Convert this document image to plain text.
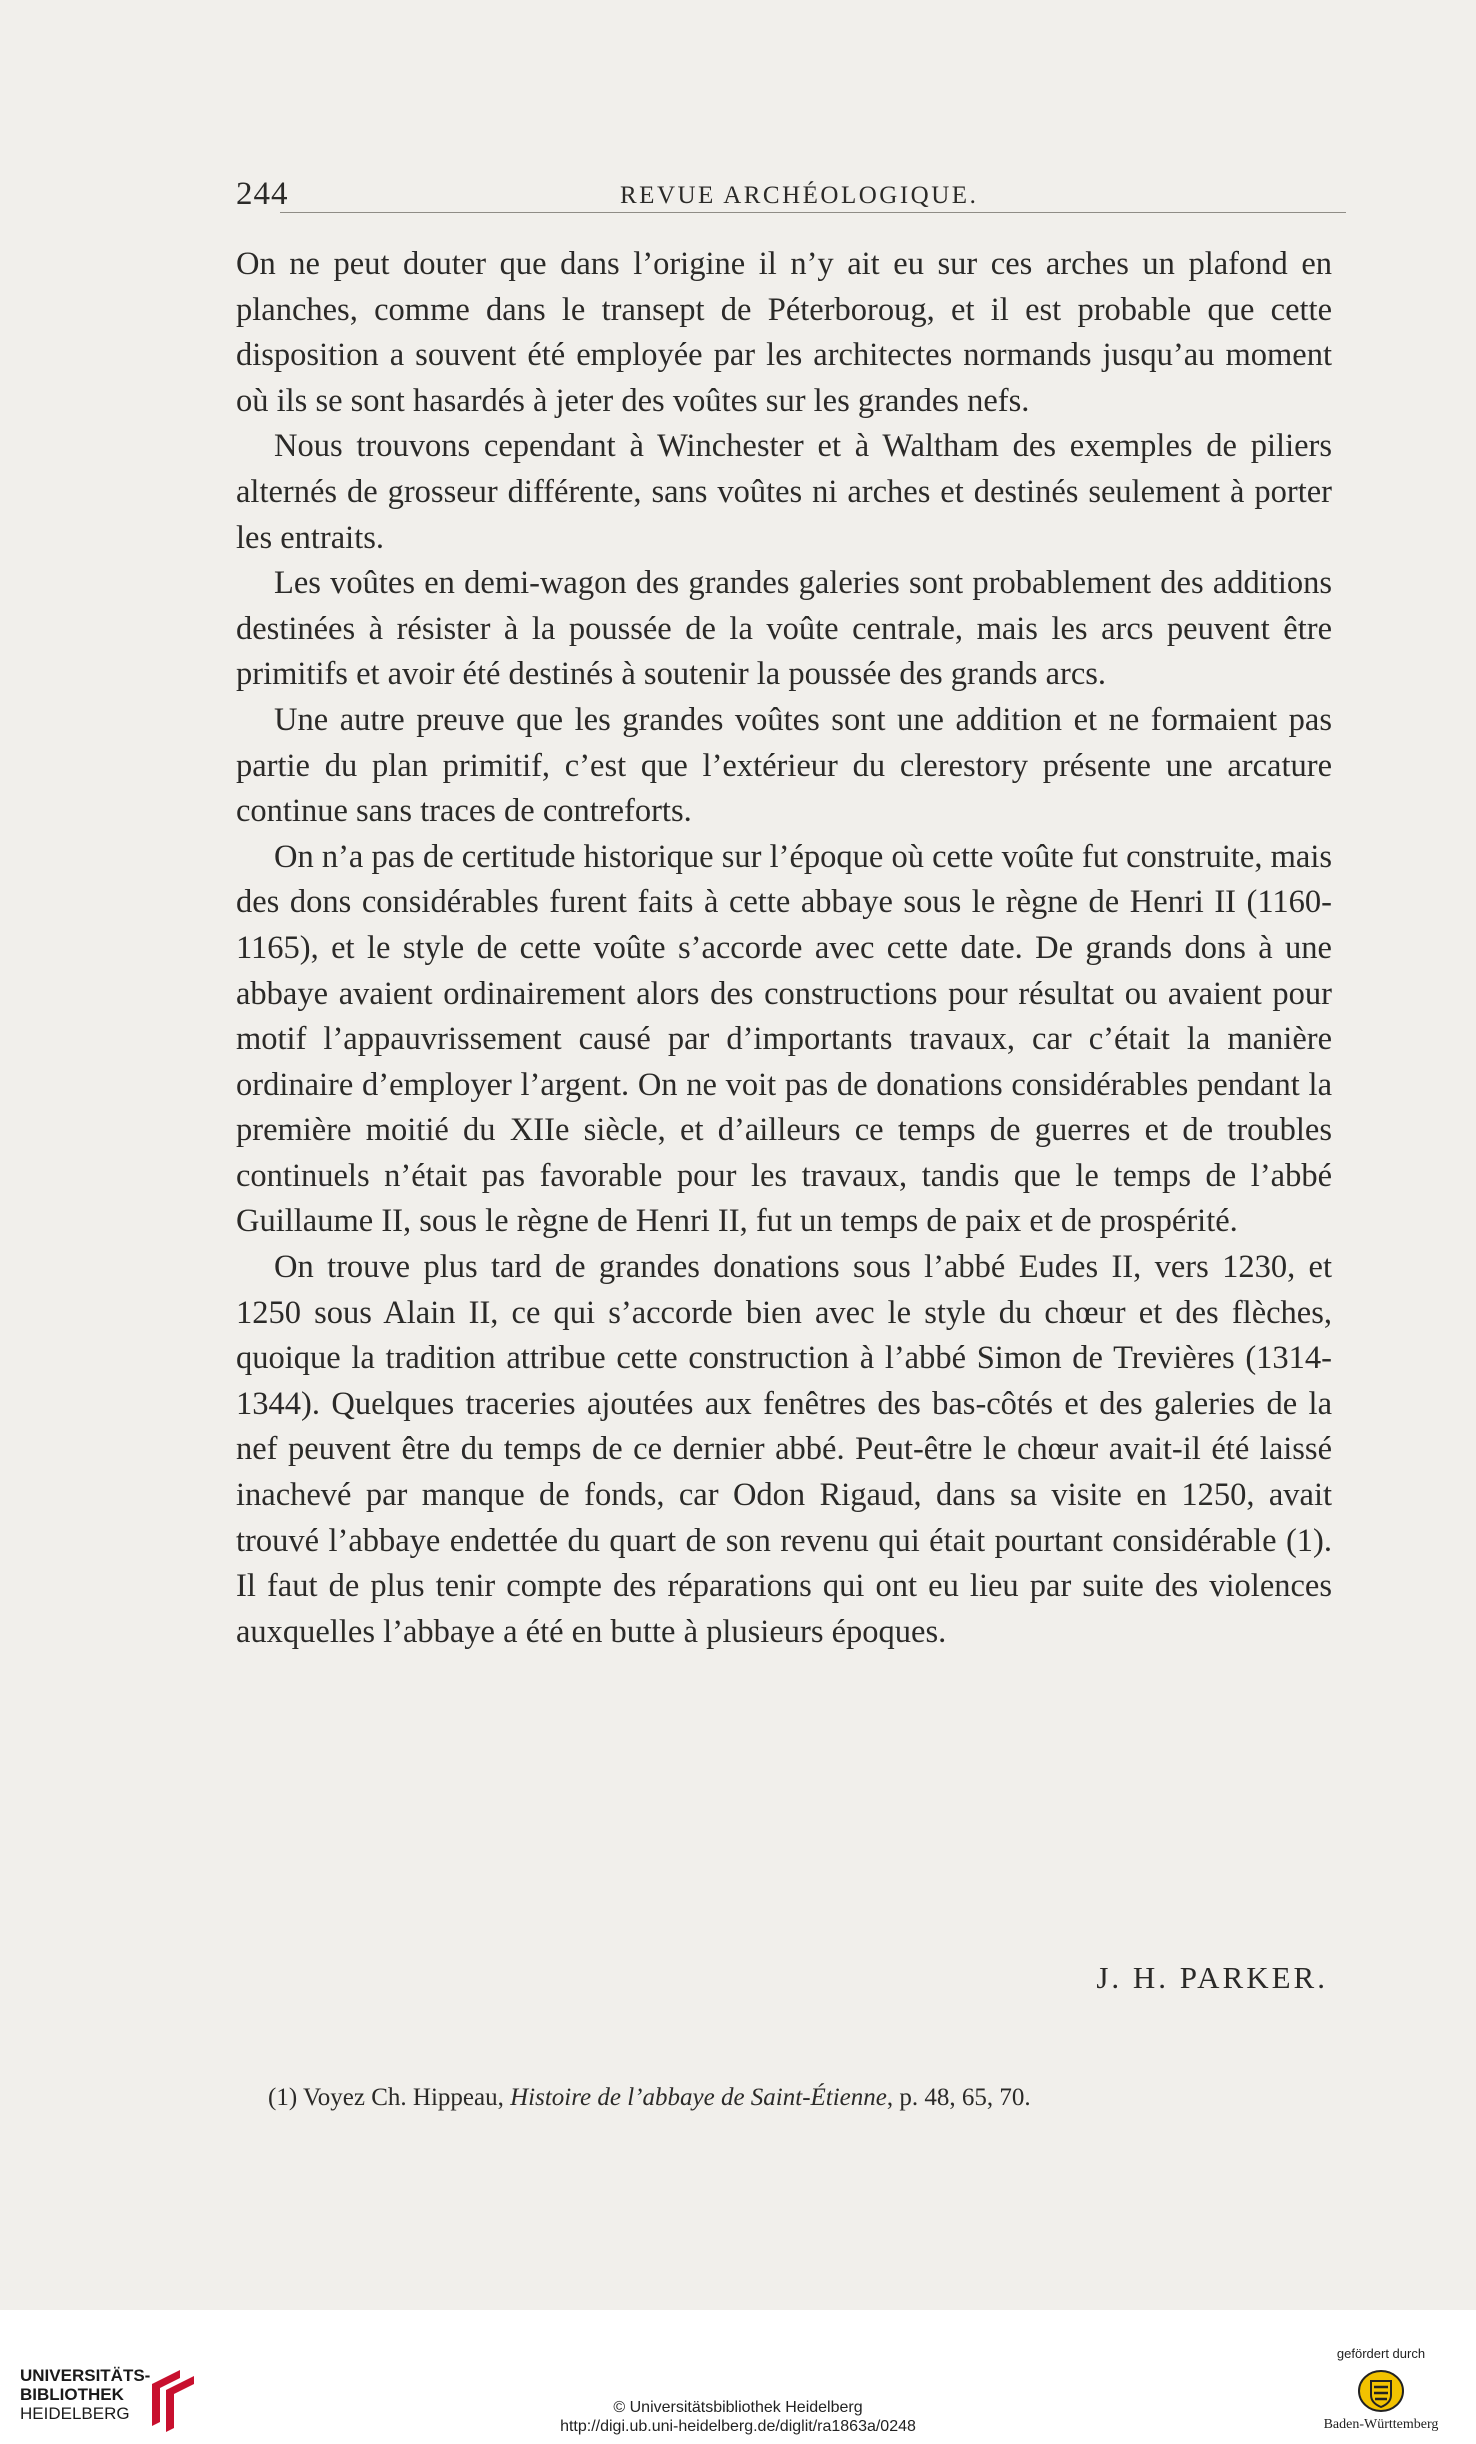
244	REVUE ARCHÉOLOGIQUE.

On ne peut douter que dans l’origine il n’y ait eu sur ces arches un plafond en planches, comme dans le transept de Péterboroug, et il est probable que cette disposition a souvent été employée par les architectes normands jusqu’au moment où ils se sont hasardés à jeter des voûtes sur les grandes nefs.

Nous trouvons cependant à Winchester et à Waltham des exemples de piliers alternés de grosseur différente, sans voûtes ni arches et destinés seulement à porter les entraits.

Les voûtes en demi-wagon des grandes galeries sont probablement des additions destinées à résister à la poussée de la voûte centrale, mais les arcs peuvent être primitifs et avoir été destinés à soutenir la poussée des grands arcs.

Une autre preuve que les grandes voûtes sont une addition et ne formaient pas partie du plan primitif, c’est que l’extérieur du clerestory présente une arcature continue sans traces de contreforts.

On n’a pas de certitude historique sur l’époque où cette voûte fut construite, mais des dons considérables furent faits à cette abbaye sous le règne de Henri II (1160-1165), et le style de cette voûte s’accorde avec cette date. De grands dons à une abbaye avaient ordinairement alors des constructions pour résultat ou avaient pour motif l’appauvrissement causé par d’importants travaux, car c’était la manière ordinaire d’employer l’argent. On ne voit pas de donations considérables pendant la première moitié du XIIe siècle, et d’ailleurs ce temps de guerres et de troubles continuels n’était pas favorable pour les travaux, tandis que le temps de l’abbé Guillaume II, sous le règne de Henri II, fut un temps de paix et de prospérité.

On trouve plus tard de grandes donations sous l’abbé Eudes II, vers 1230, et 1250 sous Alain II, ce qui s’accorde bien avec le style du chœur et des flèches, quoique la tradition attribue cette construction à l’abbé Simon de Trevières (1314-1344). Quelques traceries ajoutées aux fenêtres des bas-côtés et des galeries de la nef peuvent être du temps de ce dernier abbé. Peut-être le chœur avait-il été laissé inachevé par manque de fonds, car Odon Rigaud, dans sa visite en 1250, avait trouvé l’abbaye endettée du quart de son revenu qui était pourtant considérable (1). Il faut de plus tenir compte des réparations qui ont eu lieu par suite des violences auxquelles l’abbaye a été en butte à plusieurs époques.

J. H. PARKER.
(1) Voyez Ch. Hippeau, Histoire de l’abbaye de Saint-Étienne, p. 48, 65, 70.
UNIVERSITÄTS-
BIBLIOTHEK
HEIDELBERG	© Universitätsbibliothek Heidelberg
http://digi.ub.uni-heidelberg.de/diglit/ra1863a/0248
gefördert durch
Baden-Württemberg
